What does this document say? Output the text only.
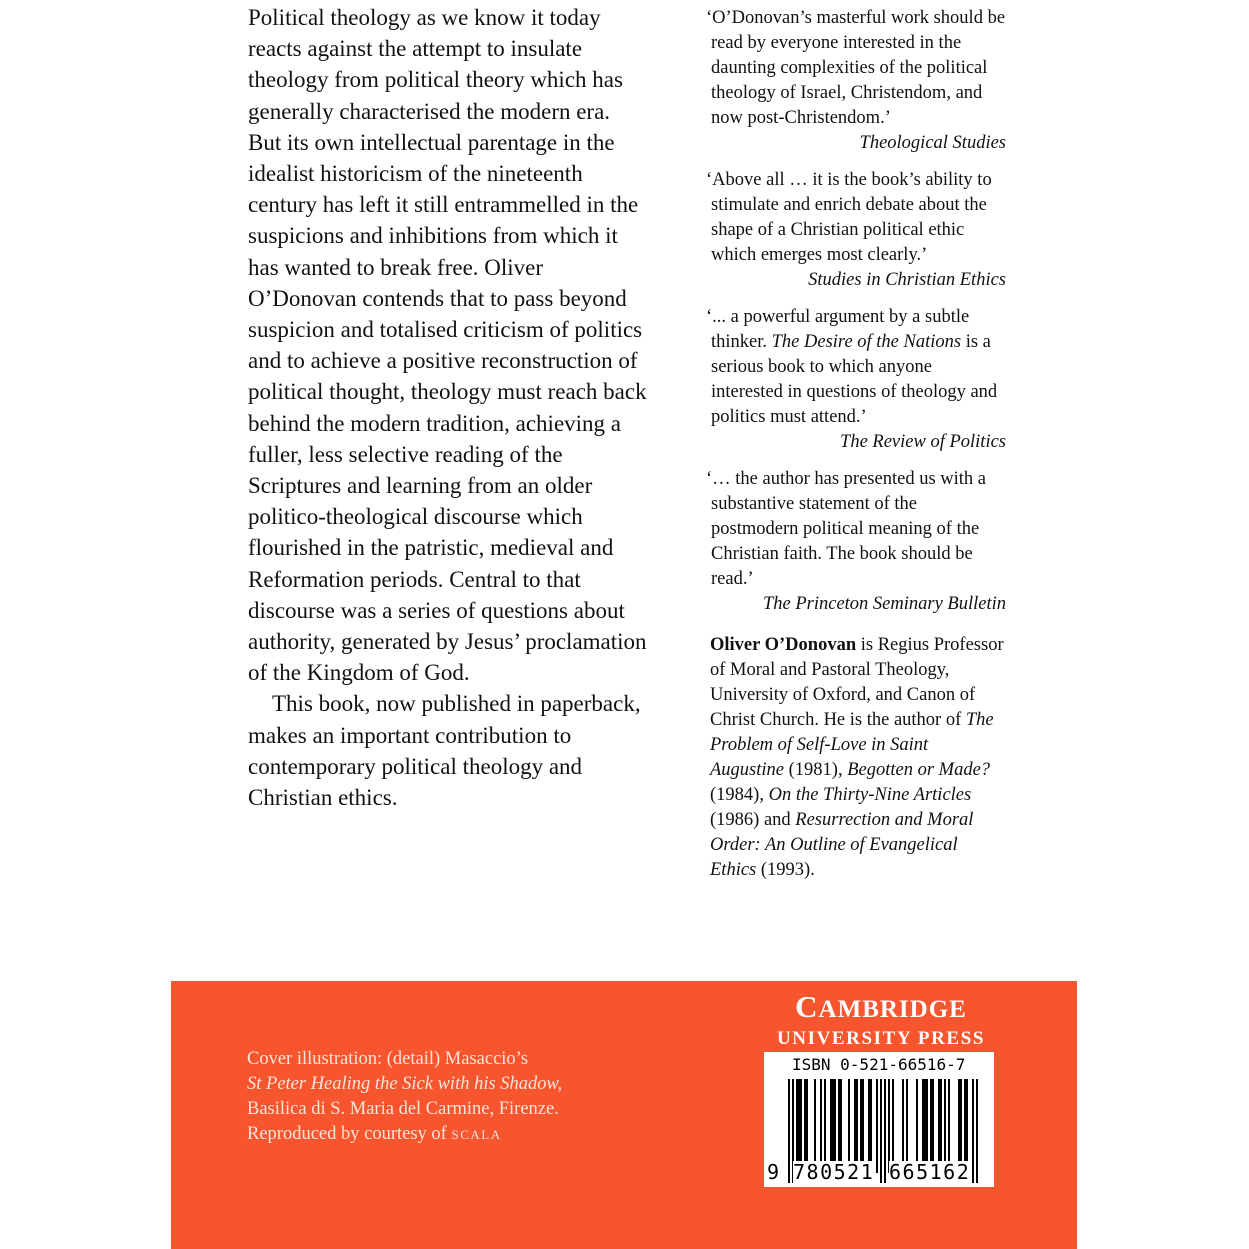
Political theology as we know it today reacts against the attempt to insulate theology from political theory which has generally characterised the modern era. But its own intellectual parentage in the idealist historicism of the nineteenth century has left it still entrammelled in the suspicions and inhibitions from which it has wanted to break free. Oliver O’Donovan contends that to pass beyond suspicion and totalised criticism of politics and to achieve a positive reconstruction of political thought, theology must reach back behind the modern tradition, achieving a fuller, less selective reading of the Scriptures and learning from an older politico-theological discourse which flourished in the patristic, medieval and Reformation periods. Central to that discourse was a series of questions about authority, generated by Jesus’ proclamation of the Kingdom of God.

This book, now published in paperback, makes an important contribution to contemporary political theology and Christian ethics.

‘O’Donovan’s masterful work should be read by everyone interested in the daunting complexities of the political theology of Israel, Christendom, and now post-Christendom.’
Theological Studies
‘Above all … it is the book’s ability to stimulate and enrich debate about the shape of a Christian political ethic which emerges most clearly.’
Studies in Christian Ethics
‘... a powerful argument by a subtle thinker. The Desire of the Nations is a serious book to which anyone interested in questions of theology and politics must attend.’
The Review of Politics
‘… the author has presented us with a substantive statement of the postmodern political meaning of the Christian faith. The book should be read.’
The Princeton Seminary Bulletin
Oliver O’Donovan is Regius Professor of Moral and Pastoral Theology, University of Oxford, and Canon of Christ Church. He is the author of The Problem of Self-Love in Saint Augustine (1981), Begotten or Made? (1984), On the Thirty-Nine Articles (1986) and Resurrection and Moral Order: An Outline of Evangelical Ethics (1993).
Cover illustration: (detail) Masaccio’s
St Peter Healing the Sick with his Shadow,
Basilica di S. Maria del Carmine, Firenze.
Reproduced by courtesy of SCALA
CAMBRIDGE
UNIVERSITY PRESS
ISBN 0-521-66516-7
9 780521 665162
